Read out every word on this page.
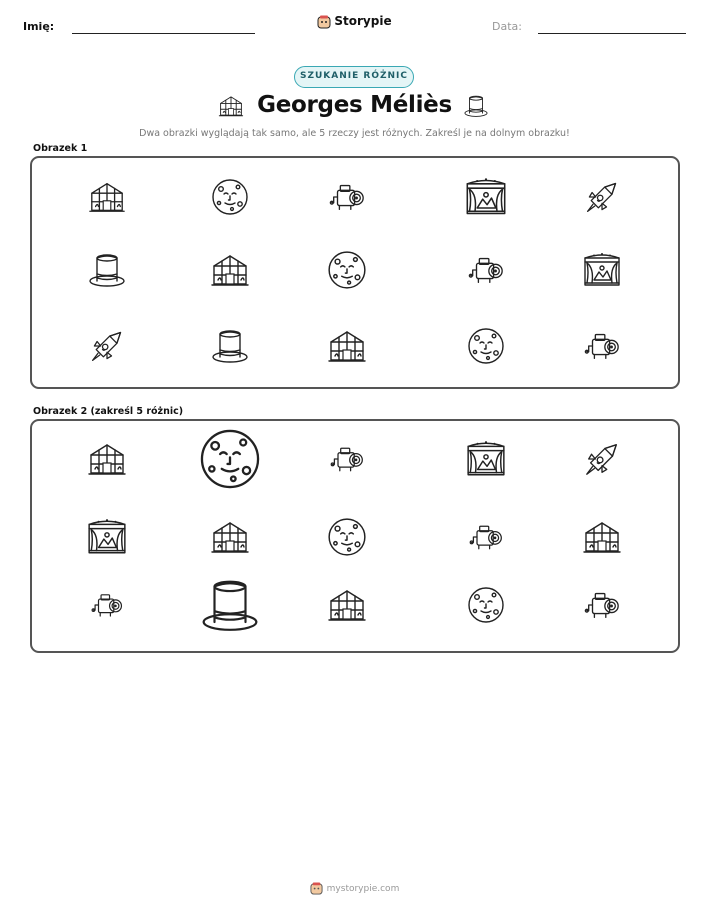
Imię:	Storypie	Data:
SZUKANIE RÓŻNIC
Georges Méliès
Dwa obrazki wyglądają tak samo, ale 5 rzeczy jest różnych. Zakreśl je na dolnym obrazku!
Obrazek 1
Obrazek 2 (zakreśl 5 różnic)
mystorypie.com
